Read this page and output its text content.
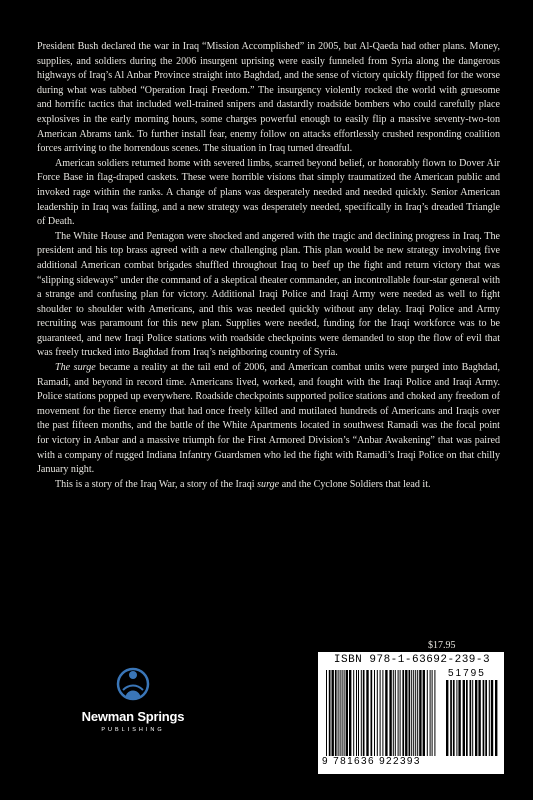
President Bush declared the war in Iraq “Mission Accomplished” in 2005, but Al-Qaeda had other plans. Money, supplies, and soldiers during the 2006 insurgent uprising were easily funneled from Syria along the dangerous highways of Iraq’s Al Anbar Province straight into Baghdad, and the sense of victory quickly flipped for the worse during what was tabbed “Operation Iraqi Freedom.” The insurgency violently rocked the world with gruesome and horrific tactics that included well-trained snipers and dastardly roadside bombers who could carefully place explosives in the early morning hours, some charges powerful enough to easily flip a massive seventy-two-ton American Abrams tank. To further install fear, enemy follow on attacks effortlessly crushed responding coalition forces arriving to the horrendous scenes. The situation in Iraq turned dreadful.

American soldiers returned home with severed limbs, scarred beyond belief, or honorably flown to Dover Air Force Base in flag-draped caskets. These were horrible visions that simply traumatized the American public and invoked rage within the ranks. A change of plans was desperately needed and needed quickly. Senior American leadership in Iraq was failing, and a new strategy was desperately needed, specifically in Iraq’s dreaded Triangle of Death.

The White House and Pentagon were shocked and angered with the tragic and declining progress in Iraq. The president and his top brass agreed with a new challenging plan. This plan would be new strategy involving five additional American combat brigades shuffled throughout Iraq to beef up the fight and return victory that was “slipping sideways” under the command of a skeptical theater commander, an incontrollable four-star general with a strange and confusing plan for victory. Additional Iraqi Police and Iraqi Army were needed as well to fight shoulder to shoulder with Americans, and this was needed quickly without any delay. Iraqi Police and Army recruiting was paramount for this new plan. Supplies were needed, funding for the Iraqi workforce was to be guaranteed, and new Iraqi Police stations with roadside checkpoints were demanded to stop the flow of evil that was freely trucked into Baghdad from Iraq’s neighboring country of Syria.

The surge became a reality at the tail end of 2006, and American combat units were purged into Baghdad, Ramadi, and beyond in record time. Americans lived, worked, and fought with the Iraqi Police and Iraqi Army. Police stations popped up everywhere. Roadside checkpoints supported police stations and choked any freedom of movement for the fierce enemy that had once freely killed and mutilated hundreds of Americans and Iraqis over the past fifteen months, and the battle of the White Apartments located in southwest Ramadi was the focal point for victory in Anbar and a massive triumph for the First Armored Division’s “Anbar Awakening” that was paired with a company of rugged Indiana Infantry Guardsmen who led the fight with Ramadi’s Iraqi Police on that chilly January night.

This is a story of the Iraq War, a story of the Iraqi surge and the Cyclone Soldiers that lead it.

Newman Springs
PUBLISHING
$17.95
ISBN 978-1-63692-239-3
51795
9 781636 922393
